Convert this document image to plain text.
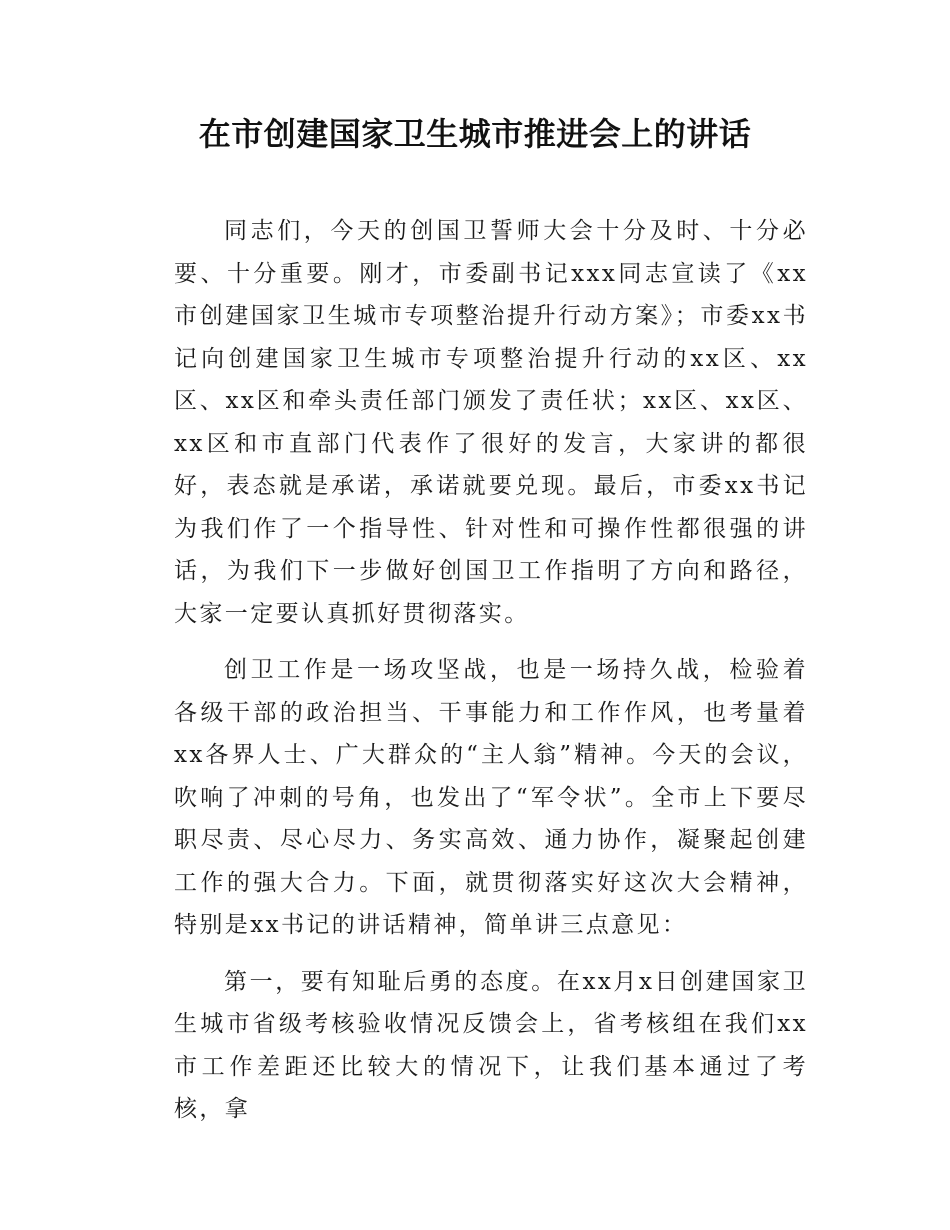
在市创建国家卫生城市推进会上的讲话

同志们，今天的创国卫誓师大会十分及时、十分必要、十分重要。刚才，市委副书记xxx同志宣读了《xx市创建国家卫生城市专项整治提升行动方案》；市委xx书记向创建国家卫生城市专项整治提升行动的xx区、xx区、xx区和牵头责任部门颁发了责任状；xx区、xx区、xx区和市直部门代表作了很好的发言，大家讲的都很好，表态就是承诺，承诺就要兑现。最后，市委xx书记为我们作了一个指导性、针对性和可操作性都很强的讲话，为我们下一步做好创国卫工作指明了方向和路径，大家一定要认真抓好贯彻落实。

创卫工作是一场攻坚战，也是一场持久战，检验着各级干部的政治担当、干事能力和工作作风，也考量着xx各界人士、广大群众的“主人翁”精神。今天的会议，吹响了冲刺的号角，也发出了“军令状”。全市上下要尽职尽责、尽心尽力、务实高效、通力协作，凝聚起创建工作的强大合力。下面，就贯彻落实好这次大会精神，特别是xx书记的讲话精神，简单讲三点意见：

第一，要有知耻后勇的态度。在xx月x日创建国家卫生城市省级考核验收情况反馈会上，省考核组在我们xx市工作差距还比较大的情况下，让我们基本通过了考核，拿
